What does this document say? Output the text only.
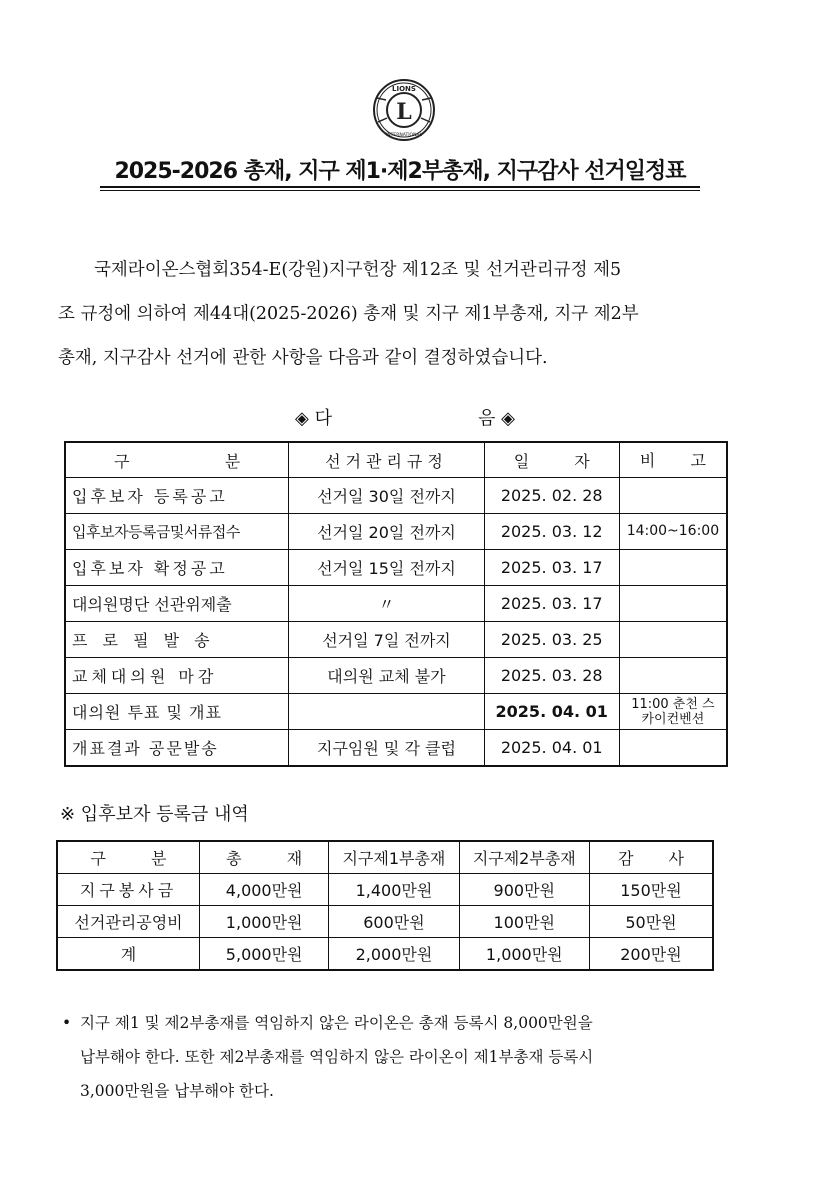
L
LIONS
INTERNATIONAL
2025-2026 총재, 지구 제1·제2부총재, 지구감사 선거일정표
국제라이온스협회354-E(강원)지구헌장 제12조 및 선거관리규정 제5
조 규정에 의하여 제44대(2025-2026) 총재 및 지구 제1부총재, 지구 제2부
총재, 지구감사 선거에 관한 사항을 다음과 같이 결정하였습니다.
◈ 다	음 ◈
구 분	선거관리규정	일 자	비 고
입후보자 등록공고	선거일 30일 전까지	2025. 02. 28	
입후보자등록금및서류접수	선거일 20일 전까지	2025. 03. 12	14:00~16:00
입후보자 확정공고	선거일 15일 전까지	2025. 03. 17	
대의원명단 선관위제출	〃	2025. 03. 17	
프 로 필 발 송	선거일 7일 전까지	2025. 03. 25	
교체대의원 마감	대의원 교체 불가	2025. 03. 28	
대의원 투표 및 개표		2025. 04. 01	11:00 춘천 스카이컨벤션
개표결과 공문발송	지구임원 및 각 클럽	2025. 04. 01	
※ 입후보자 등록금 내역
구 분	총 재	지구제1부총재	지구제2부총재	감 사
지구봉사금	4,000만원	1,400만원	900만원	150만원
선거관리공영비	1,000만원	600만원	100만원	50만원
계	5,000만원	2,000만원	1,000만원	200만원
• 지구 제1 및 제2부총재를 역임하지 않은 라이온은 총재 등록시 8,000만원을
납부해야 한다. 또한 제2부총재를 역임하지 않은 라이온이 제1부총재 등록시
3,000만원을 납부해야 한다.
